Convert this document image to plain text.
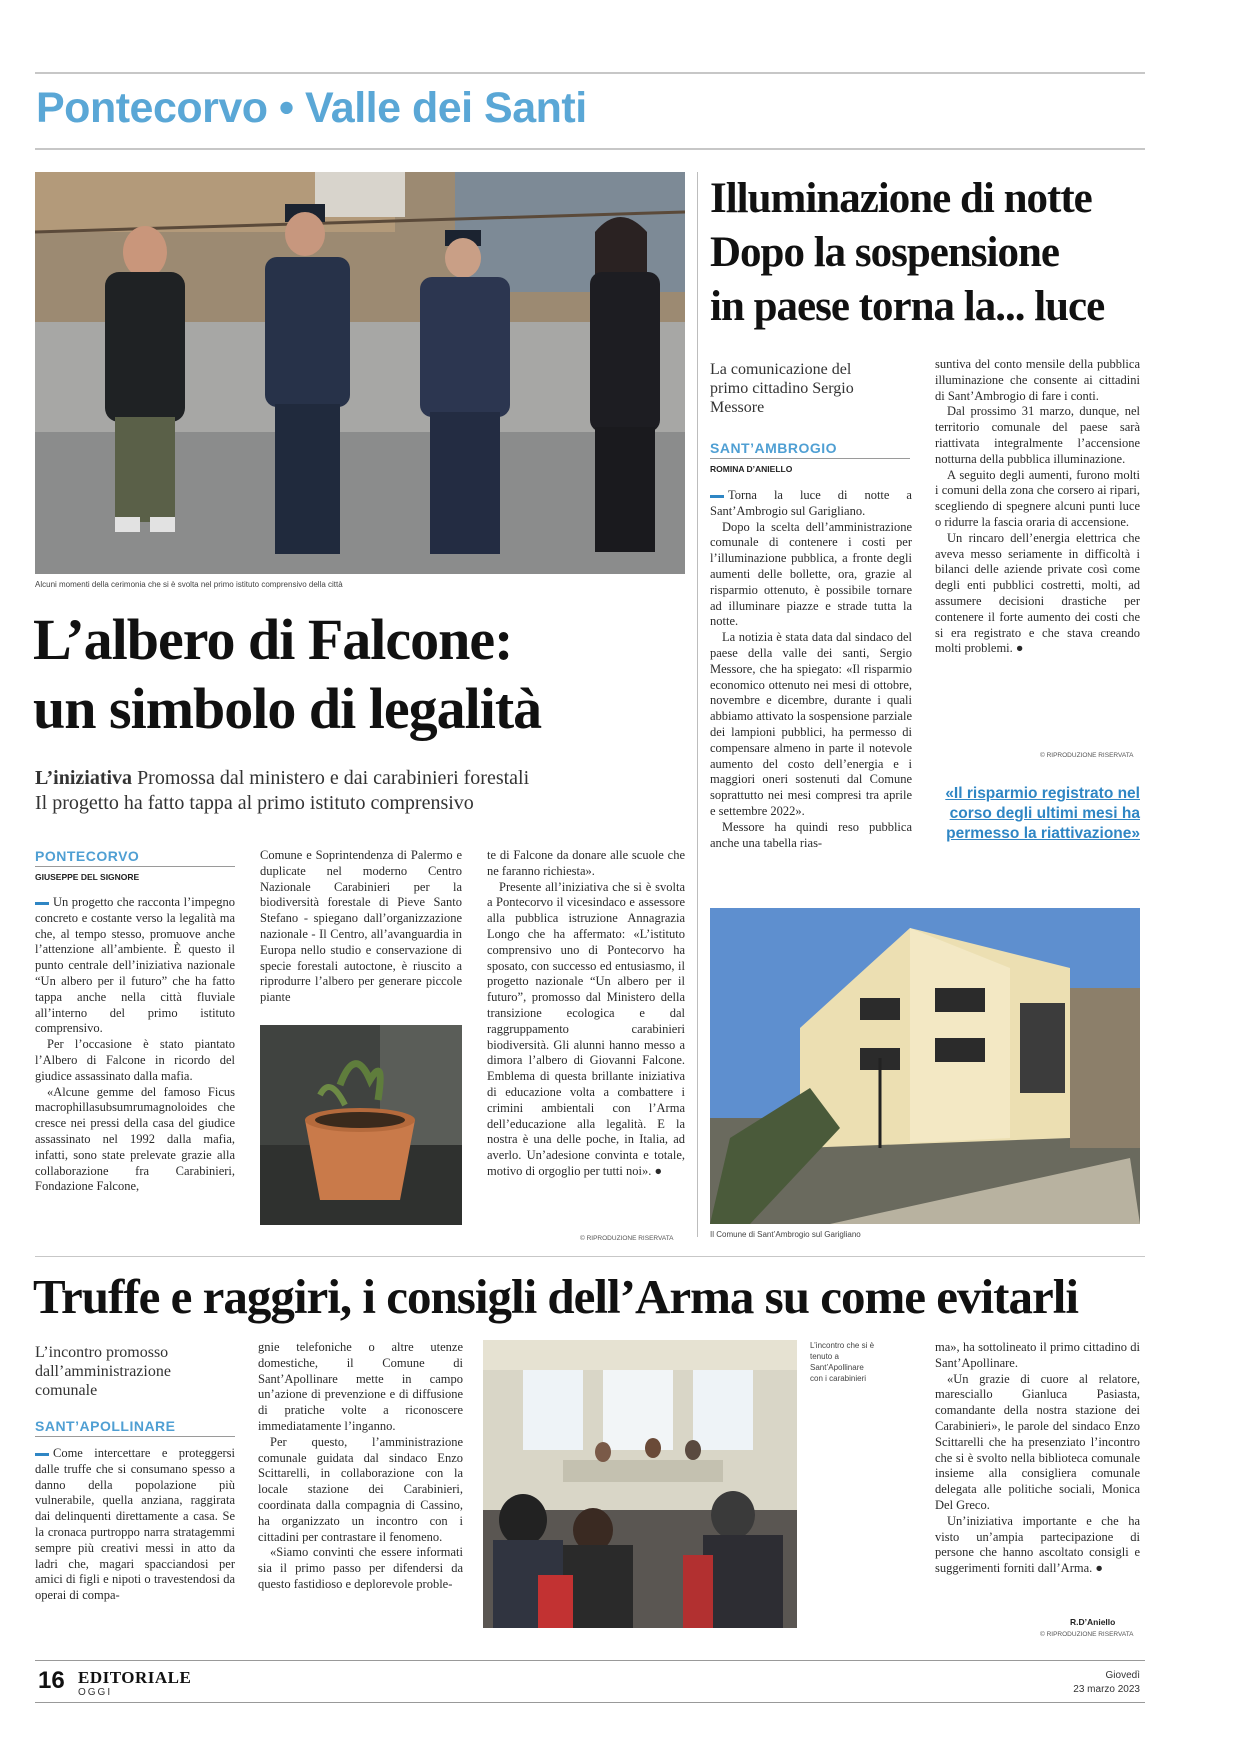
Pontecorvo • Valle dei Santi
Alcuni momenti della cerimonia che si è svolta nel primo istituto comprensivo della città
L’albero di Falcone:
un simbolo di legalità
L’iniziativa Promossa dal ministero e dai carabinieri forestali
Il progetto ha fatto tappa al primo istituto comprensivo
PONTECORVO
GIUSEPPE DEL SIGNORE

Un progetto che racconta l’impegno concreto e costante verso la legalità ma che, al tempo stesso, promuove anche l’attenzione all’ambiente. È questo il punto centrale dell’iniziativa nazionale “Un albero per il futuro” che ha fatto tappa anche nella città fluviale all’interno del primo istituto comprensivo.

Per l’occasione è stato piantato l’Albero di Falcone in ricordo del giudice assassinato dalla mafia.

«Alcune gemme del famoso Ficus macrophillasubsumrumagnoloides che cresce nei pressi della casa del giudice assassinato nel 1992 dalla mafia, infatti, sono state prelevate grazie alla collaborazione fra Carabinieri, Fondazione Falcone,

Comune e Soprintendenza di Palermo e duplicate nel moderno Centro Nazionale Carabinieri per la biodiversità forestale di Pieve Santo Stefano - spiegano dall’organizzazione nazionale - Il Centro, all’avanguardia in Europa nello studio e conservazione di specie forestali autoctone, è riuscito a riprodurre l’albero per generare piccole piante

te di Falcone da donare alle scuole che ne faranno richiesta».

Presente all’iniziativa che si è svolta a Pontecorvo il vicesindaco e assessore alla pubblica istruzione Annagrazia Longo che ha affermato: «L’istituto comprensivo uno di Pontecorvo ha sposato, con successo ed entusiasmo, il progetto nazionale “Un albero per il futuro”, promosso dal Ministero della transizione ecologica e dal raggruppamento carabinieri biodiversità. Gli alunni hanno messo a dimora l’albero di Giovanni Falcone. Emblema di questa brillante iniziativa di educazione volta a combattere i crimini ambientali con l’Arma dell’educazione alla legalità. E la nostra è una delle poche, in Italia, ad averlo. Un’adesione convinta e totale, motivo di orgoglio per tutti noi». ●

© RIPRODUZIONE RISERVATA
Illuminazione di notte
Dopo la sospensione
in paese torna la... luce
La comunicazione del primo cittadino Sergio Messore
SANT’AMBROGIO
ROMINA D’ANIELLO

Torna la luce di notte a Sant’Ambrogio sul Garigliano.

Dopo la scelta dell’amministrazione comunale di contenere i costi per l’illuminazione pubblica, a fronte degli aumenti delle bollette, ora, grazie al risparmio ottenuto, è possibile tornare ad illuminare piazze e strade tutta la notte.

La notizia è stata data dal sindaco del paese della valle dei santi, Sergio Messore, che ha spiegato: «Il risparmio economico ottenuto nei mesi di ottobre, novembre e dicembre, durante i quali abbiamo attivato la sospensione parziale dei lampioni pubblici, ha permesso di compensare almeno in parte il notevole aumento del costo dell’energia e i maggiori oneri sostenuti dal Comune soprattutto nei mesi compresi tra aprile e settembre 2022».

Messore ha quindi reso pubblica anche una tabella rias-

suntiva del conto mensile della pubblica illuminazione che consente ai cittadini di Sant’Ambrogio di fare i conti.

Dal prossimo 31 marzo, dunque, nel territorio comunale del paese sarà riattivata integralmente l’accensione notturna della pubblica illuminazione.

A seguito degli aumenti, furono molti i comuni della zona che corsero ai ripari, scegliendo di spegnere alcuni punti luce o ridurre la fascia oraria di accensione.

Un rincaro dell’energia elettrica che aveva messo seriamente in difficoltà i bilanci delle aziende private così come degli enti pubblici costretti, molti, ad assumere decisioni drastiche per contenere il forte aumento dei costi che si era registrato e che stava creando molti problemi. ●

© RIPRODUZIONE RISERVATA
«Il risparmio registrato nel corso degli ultimi mesi ha permesso la riattivazione»
Il Comune di Sant’Ambrogio sul Garigliano
Truffe e raggiri, i consigli dell’Arma su come evitarli
L’incontro promosso dall’amministrazione comunale
SANT’APOLLINARE

Come intercettare e proteggersi dalle truffe che si consumano spesso a danno della popolazione più vulnerabile, quella anziana, raggirata dai delinquenti direttamente a casa. Se la cronaca purtroppo narra stratagemmi sempre più creativi messi in atto da ladri che, magari spacciandosi per amici di figli e nipoti o travestendosi da operai di compa-

gnie telefoniche o altre utenze domestiche, il Comune di Sant’Apollinare mette in campo un’azione di prevenzione e di diffusione di pratiche volte a riconoscere immediatamente l’inganno.

Per questo, l’amministrazione comunale guidata dal sindaco Enzo Scittarelli, in collaborazione con la locale stazione dei Carabinieri, coordinata dalla compagnia di Cassino, ha organizzato un incontro con i cittadini per contrastare il fenomeno.

«Siamo convinti che essere informati sia il primo passo per difendersi da questo fastidioso e deplorevole proble-

L’incontro che si è tenuto a Sant’Apollinare con i carabinieri

ma», ha sottolineato il primo cittadino di Sant’Apollinare.

«Un grazie di cuore al relatore, maresciallo Gianluca Pasiasta, comandante della nostra stazione dei Carabinieri», le parole del sindaco Enzo Scittarelli che ha presenziato l’incontro che si è svolto nella biblioteca comunale insieme alla consigliera comunale delegata alle politiche sociali, Monica Del Greco.

Un’iniziativa importante e che ha visto un’ampia partecipazione di persone che hanno ascoltato consigli e suggerimenti forniti dall’Arma. ●

R.D’Aniello
© RIPRODUZIONE RISERVATA
16 EDITORIALE
OGGI
Giovedì
23 marzo 2023
